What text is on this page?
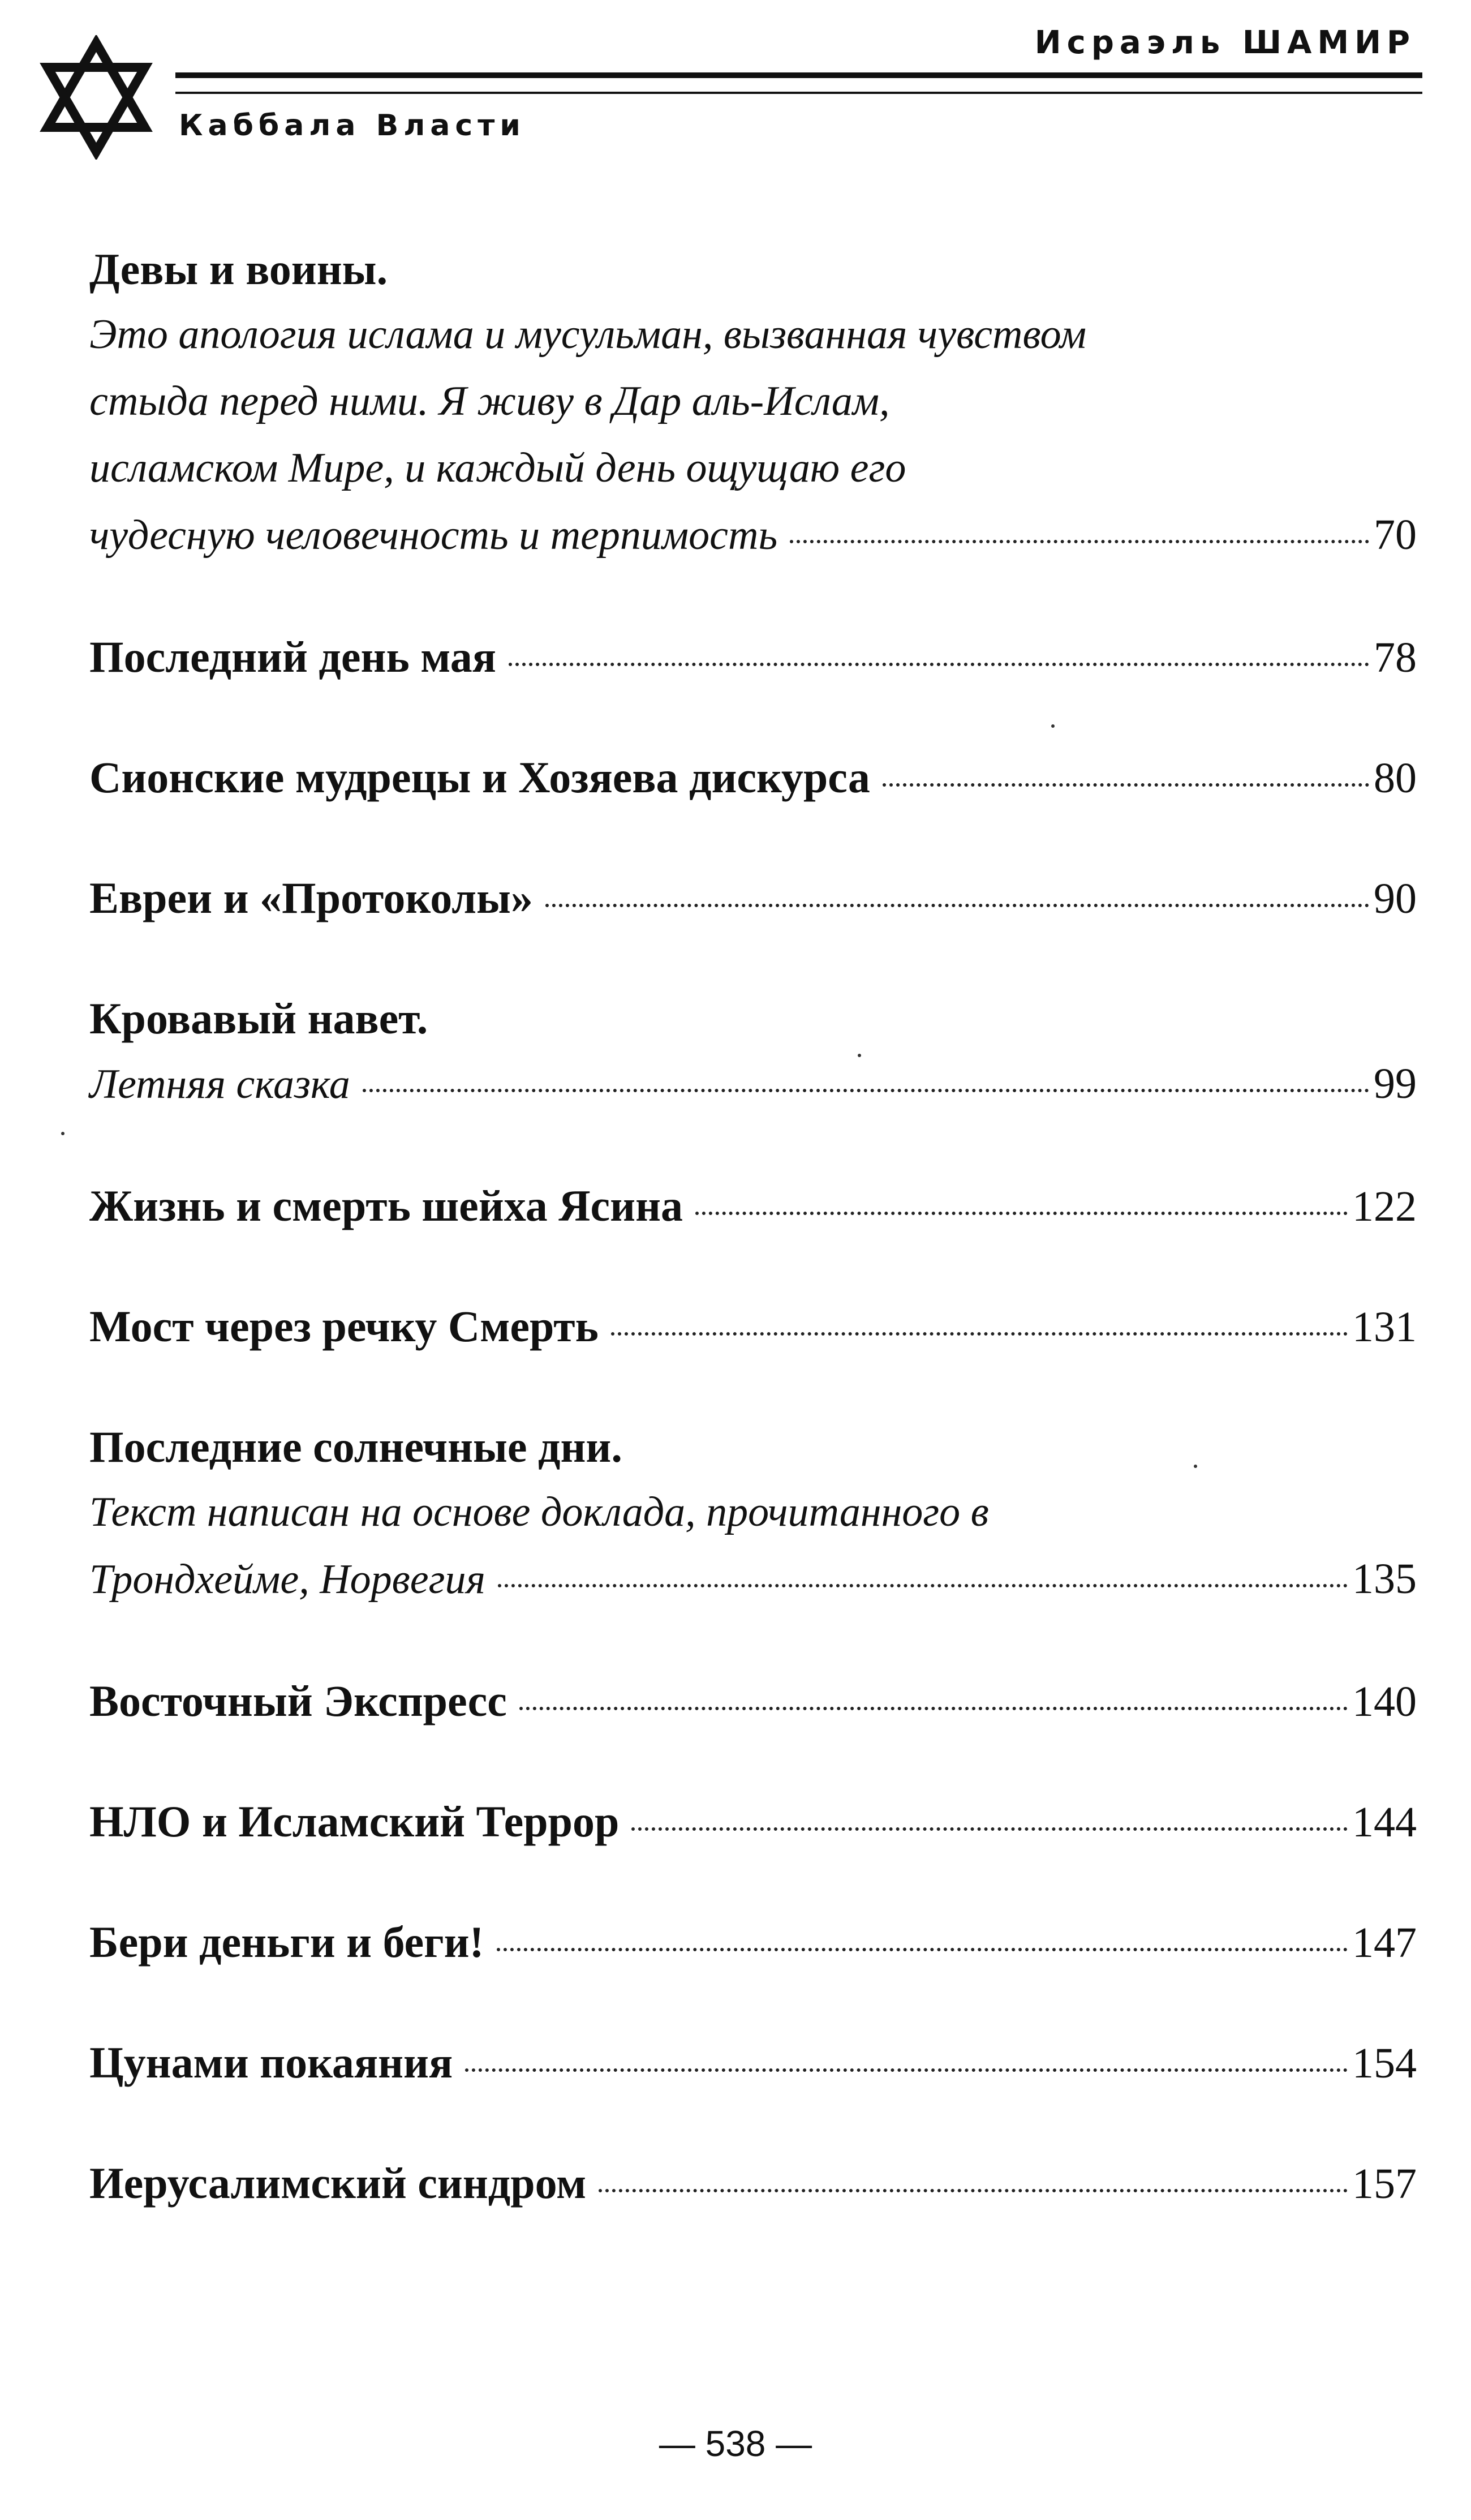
Исраэль ШАМИР
Каббала Власти
Девы и воины.
Это апология ислама и мусульман, вызванная чувством
стыда перед ними. Я живу в Дар аль-Ислам,
исламском Мире, и каждый день ощущаю его
чудесную человечность и терпимость	70
Последний день мая	78
Сионские мудрецы и Хозяева дискурса	80
Евреи и «Протоколы»	90
Кровавый навет.
Летняя сказка	99
Жизнь и смерть шейха Ясина	122
Мост через речку Смерть	131
Последние солнечные дни.
Текст написан на основе доклада, прочитанного в
Трондхейме, Норвегия	135
Восточный Экспресс	140
НЛО и Исламский Террор	144
Бери деньги и беги!	147
Цунами покаяния	154
Иерусалимский синдром	157
— 538 —
